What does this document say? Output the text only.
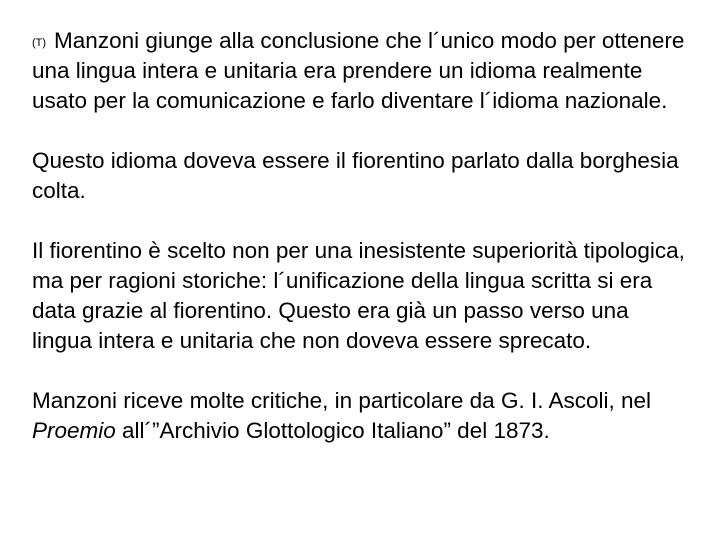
(T) Manzoni giunge alla conclusione che l´unico modo per ottenere una lingua intera e unitaria era prendere un idioma realmente usato per la comunicazione e farlo diventare l´idioma nazionale.

Questo idioma doveva essere il fiorentino parlato dalla borghesia colta.

Il fiorentino è scelto non per una inesistente superiorità tipologica, ma per ragioni storiche: l´unificazione della lingua scritta si era data grazie al fiorentino. Questo era già un passo verso una lingua intera e unitaria che non doveva essere sprecato.

Manzoni riceve molte critiche, in particolare da G. I. Ascoli, nel Proemio all´”Archivio Glottologico Italiano” del 1873.
